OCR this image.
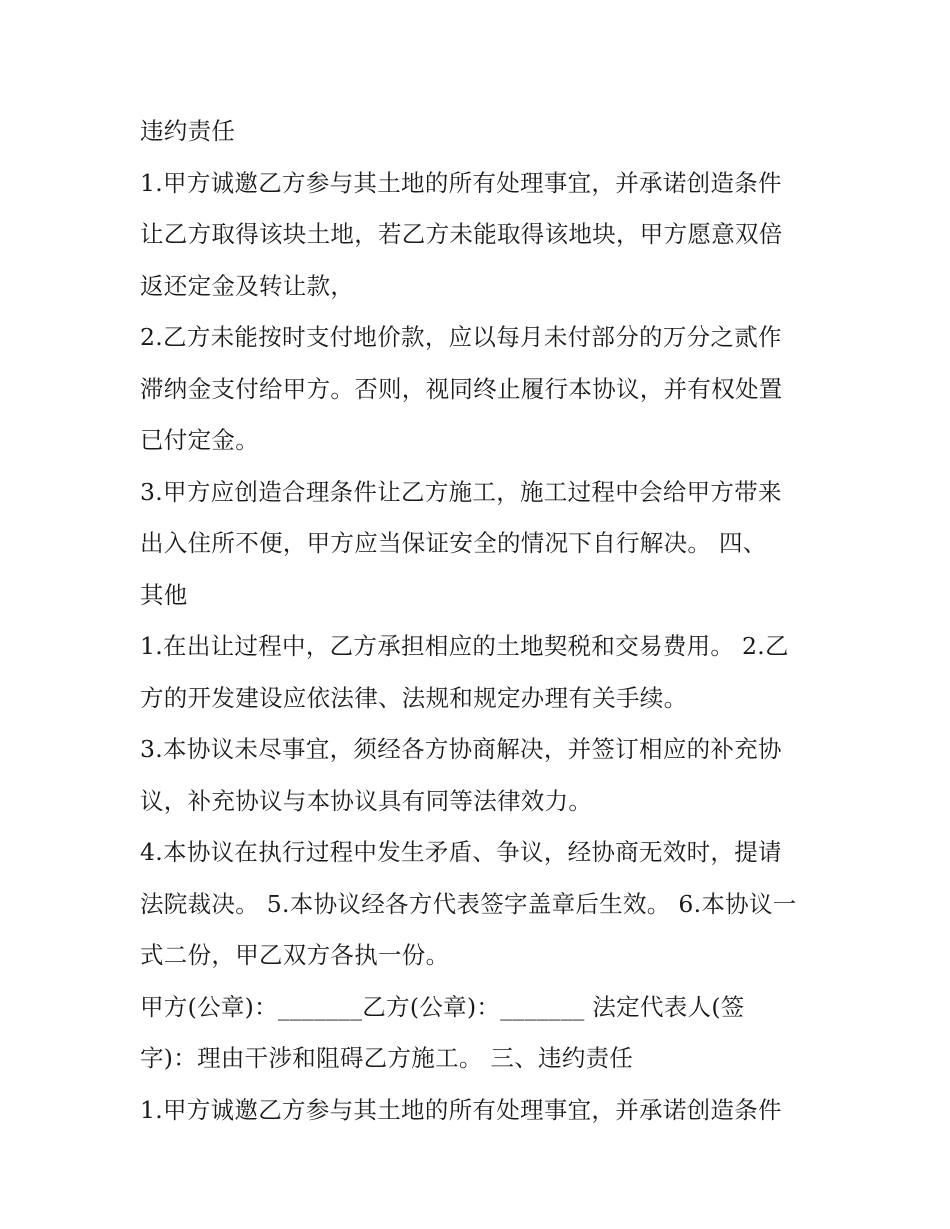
违约责任
1.甲方诚邀乙方参与其土地的所有处理事宜，并承诺创造条件
让乙方取得该块土地，若乙方未能取得该地块，甲方愿意双倍
返还定金及转让款，
2.乙方未能按时支付地价款，应以每月未付部分的万分之贰作
滞纳金支付给甲方。否则，视同终止履行本协议，并有权处置
已付定金。
3.甲方应创造合理条件让乙方施工，施工过程中会给甲方带来
出入住所不便，甲方应当保证安全的情况下自行解决。 四、
其他
1.在出让过程中，乙方承担相应的土地契税和交易费用。 2.乙
方的开发建设应依法律、法规和规定办理有关手续。
3.本协议未尽事宜，须经各方协商解决，并签订相应的补充协
议，补充协议与本协议具有同等法律效力。
4.本协议在执行过程中发生矛盾、争议，经协商无效时，提请
法院裁决。 5.本协议经各方代表签字盖章后生效。 6.本协议一
式二份，甲乙双方各执一份。
甲方(公章)：_______乙方(公章)：_______ 法定代表人(签
字)：理由干涉和阻碍乙方施工。 三、违约责任
1.甲方诚邀乙方参与其土地的所有处理事宜，并承诺创造条件
